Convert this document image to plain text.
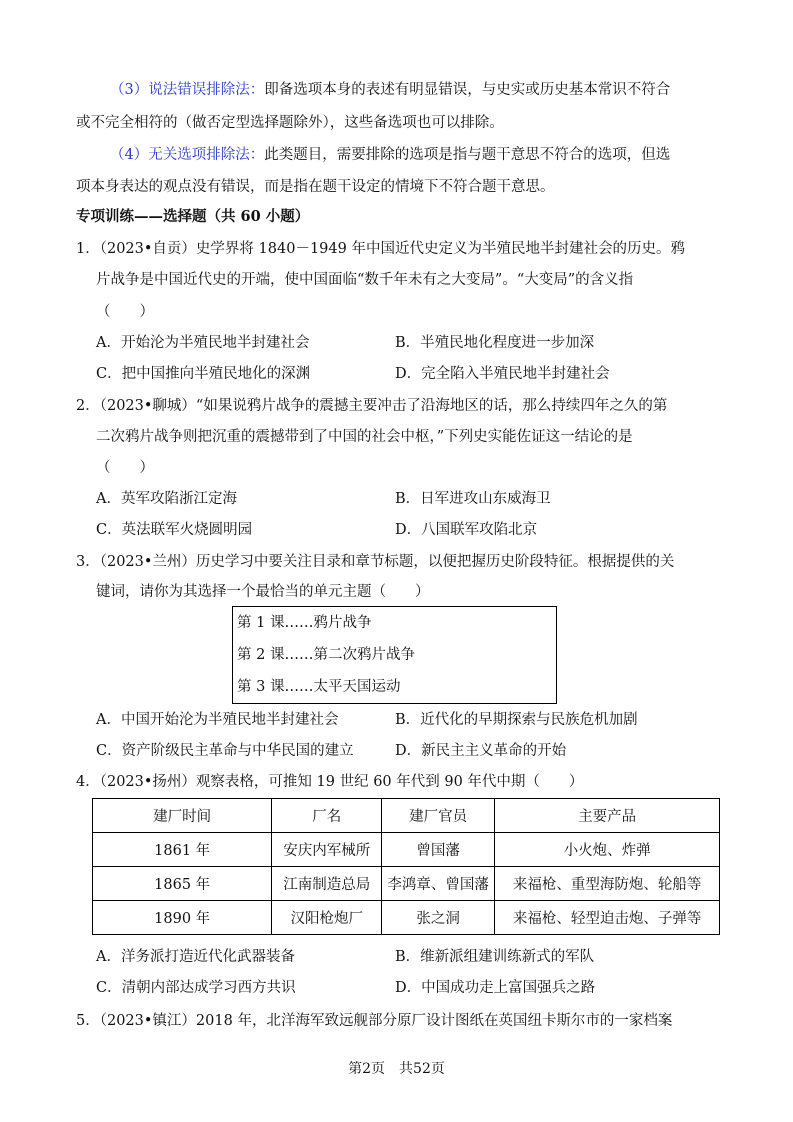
（3）说法错误排除法：即备选项本身的表述有明显错误，与史实或历史基本常识不符合
或不完全相符的（做否定型选择题除外），这些备选项也可以排除。
（4）无关选项排除法：此类题目，需要排除的选项是指与题干意思不符合的选项，但选
项本身表达的观点没有错误，而是指在题干设定的情境下不符合题干意思。
专项训练——选择题（共 60 小题）
1．（2023•自贡）史学界将 1840－1949 年中国近代史定义为半殖民地半封建社会的历史。鸦
片战争是中国近代史的开端，使中国面临“数千年未有之大变局”。“大变局”的含义指
（　　）
A．开始沦为半殖民地半封建社会	B．半殖民地化程度进一步加深
C．把中国推向半殖民地化的深渊	D．完全陷入半殖民地半封建社会
2．（2023•聊城）“如果说鸦片战争的震撼主要冲击了沿海地区的话，那么持续四年之久的第
二次鸦片战争则把沉重的震撼带到了中国的社会中枢，”下列史实能佐证这一结论的是
（　　）
A．英军攻陷浙江定海	B．日军进攻山东威海卫
C．英法联军火烧圆明园	D．八国联军攻陷北京
3．（2023•兰州）历史学习中要关注目录和章节标题，以便把握历史阶段特征。根据提供的关
键词，请你为其选择一个最恰当的单元主题（　　）
第 1 课……鸦片战争
第 2 课……第二次鸦片战争
第 3 课……太平天国运动
A．中国开始沦为半殖民地半封建社会	B．近代化的早期探索与民族危机加剧
C．资产阶级民主革命与中华民国的建立	D．新民主主义革命的开始
4．（2023•扬州）观察表格，可推知 19 世纪 60 年代到 90 年代中期（　　）
建厂时间	厂名	建厂官员	主要产品
1861 年	安庆内军械所	曾国藩	小火炮、炸弹
1865 年	江南制造总局	李鸿章、曾国藩	来福枪、重型海防炮、轮船等
1890 年	汉阳枪炮厂	张之洞	来福枪、轻型迫击炮、子弹等
A．洋务派打造近代化武器装备	B．维新派组建训练新式的军队
C．清朝内部达成学习西方共识	D．中国成功走上富国强兵之路
5．（2023•镇江）2018 年，北洋海军致远舰部分原厂设计图纸在英国纽卡斯尔市的一家档案
第2页　共52页
